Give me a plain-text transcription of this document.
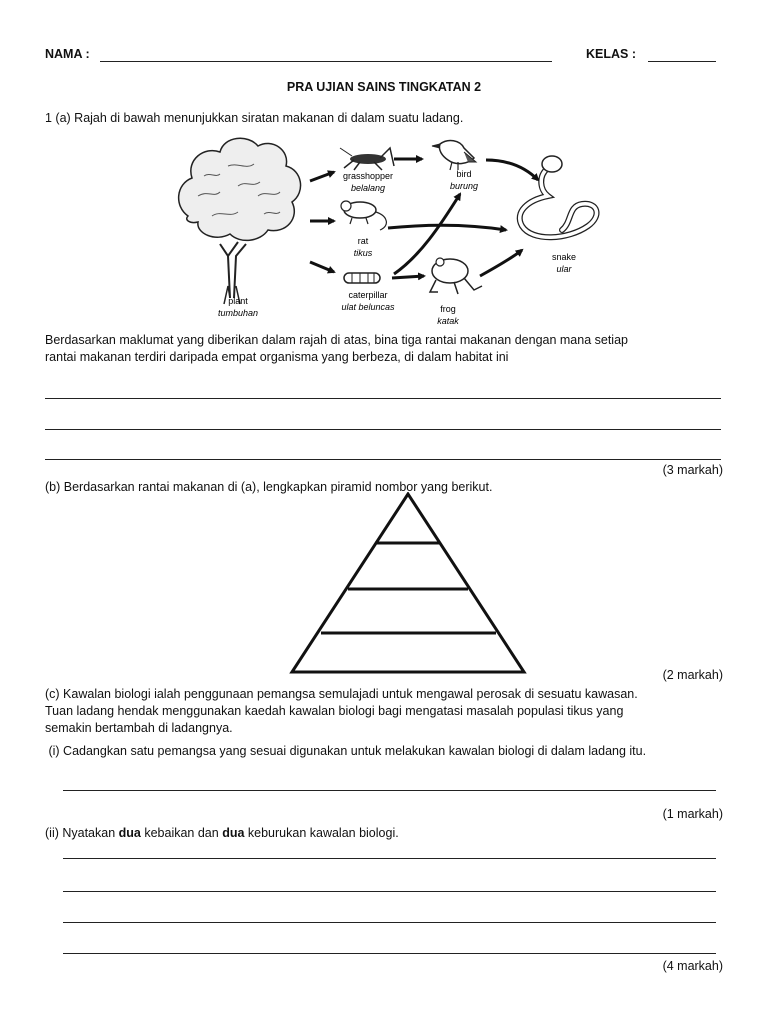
NAMA :	KELAS :
PRA UJIAN SAINS TINGKATAN 2
1 (a) Rajah di bawah menunjukkan siratan makanan di dalam suatu ladang.
plant
tumbuhan
grasshopper
belalang
rat
tikus
caterpillar
ulat beluncas
bird
burung
frog
katak
snake
ular
Berdasarkan maklumat yang diberikan dalam rajah di atas, bina tiga rantai makanan dengan mana setiap
rantai makanan terdiri daripada empat organisma yang berbeza, di dalam habitat ini
(3 markah)
(b) Berdasarkan rantai makanan di (a), lengkapkan piramid nombor yang berikut.
(2 markah)
(c) Kawalan biologi ialah penggunaan pemangsa semulajadi untuk mengawal perosak di sesuatu kawasan.
Tuan ladang hendak menggunakan kaedah kawalan biologi bagi mengatasi masalah populasi tikus yang
semakin bertambah di ladangnya.
(i) Cadangkan satu pemangsa yang sesuai digunakan untuk melakukan kawalan biologi di dalam ladang itu.
(1 markah)
(ii) Nyatakan dua kebaikan dan dua keburukan kawalan biologi.
(4 markah)
